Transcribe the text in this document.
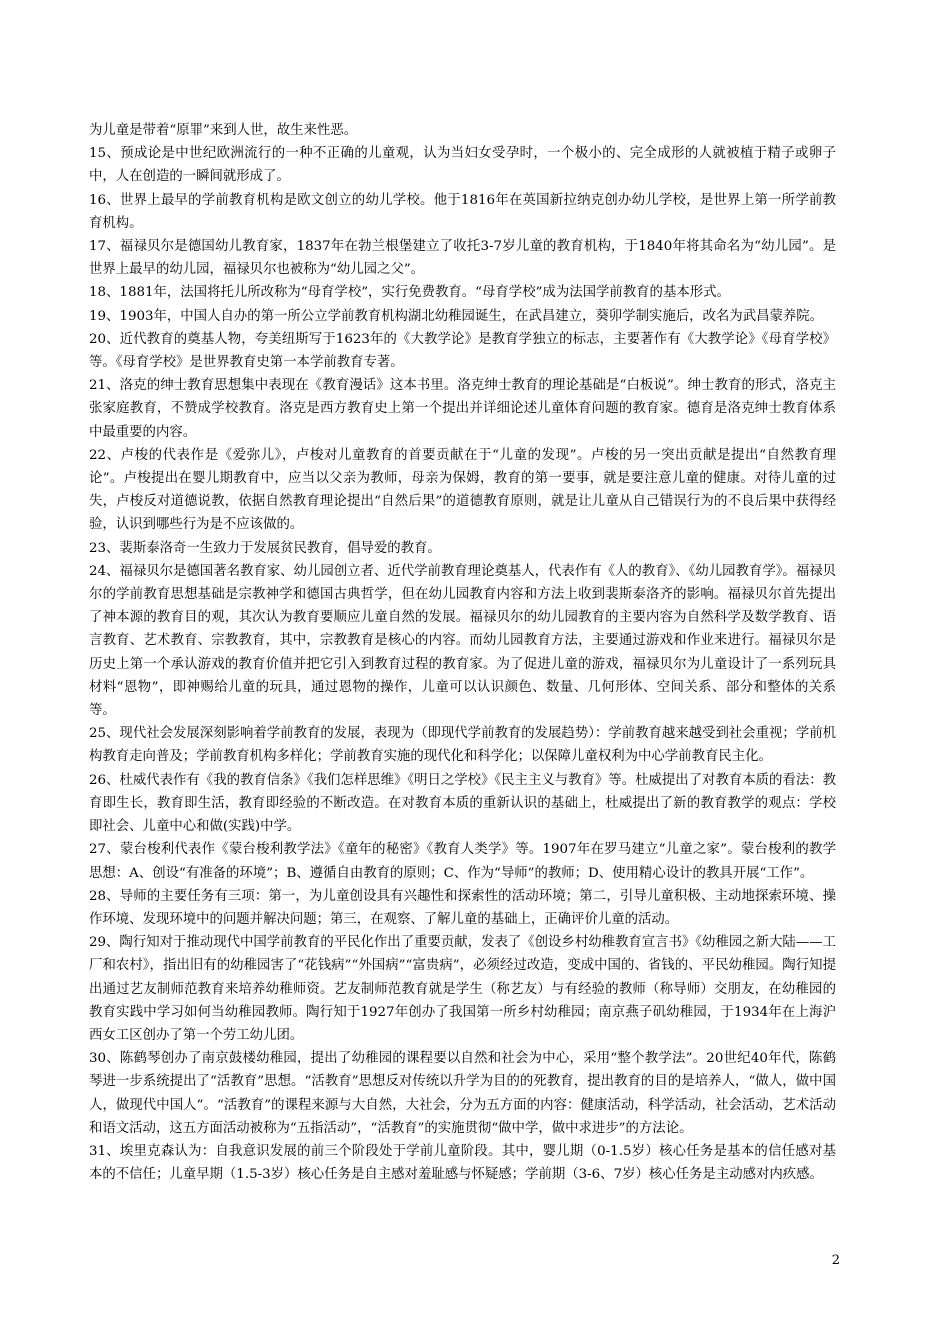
为儿童是带着“原罪”来到人世，故生来性恶。

15、预成论是中世纪欧洲流行的一种不正确的儿童观，认为当妇女受孕时，一个极小的、完全成形的人就被植于精子或卵子中，人在创造的一瞬间就形成了。

16、世界上最早的学前教育机构是欧文创立的幼儿学校。他于1816年在英国新拉纳克创办幼儿学校，是世界上第一所学前教育机构。

17、福禄贝尔是德国幼儿教育家，1837年在勃兰根堡建立了收托3-7岁儿童的教育机构，于1840年将其命名为“幼儿园”。是世界上最早的幼儿园，福禄贝尔也被称为“幼儿园之父”。

18、1881年，法国将托儿所改称为“母育学校”，实行免费教育。“母育学校”成为法国学前教育的基本形式。

19、1903年，中国人自办的第一所公立学前教育机构湖北幼稚园诞生，在武昌建立，葵卯学制实施后，改名为武昌蒙养院。

20、近代教育的奠基人物，夸美纽斯写于1623年的《大教学论》是教育学独立的标志，主要著作有《大教学论》《母育学校》等。《母育学校》是世界教育史第一本学前教育专著。

21、洛克的绅士教育思想集中表现在《教育漫话》这本书里。洛克绅士教育的理论基础是“白板说”。绅士教育的形式，洛克主张家庭教育，不赞成学校教育。洛克是西方教育史上第一个提出并详细论述儿童体育问题的教育家。德育是洛克绅士教育体系中最重要的内容。

22、卢梭的代表作是《爱弥儿》，卢梭对儿童教育的首要贡献在于“儿童的发现”。卢梭的另一突出贡献是提出“自然教育理论”。卢梭提出在婴儿期教育中，应当以父亲为教师，母亲为保姆，教育的第一要事，就是要注意儿童的健康。对待儿童的过失，卢梭反对道德说教，依据自然教育理论提出“自然后果”的道德教育原则，就是让儿童从自己错误行为的不良后果中获得经验，认识到哪些行为是不应该做的。

23、裴斯泰洛奇一生致力于发展贫民教育，倡导爱的教育。

24、福禄贝尔是德国著名教育家、幼儿园创立者、近代学前教育理论奠基人，代表作有《人的教育》、《幼儿园教育学》。福禄贝尔的学前教育思想基础是宗教神学和德国古典哲学，但在幼儿园教育内容和方法上收到裴斯泰洛齐的影响。福禄贝尔首先提出了神本源的教育目的观，其次认为教育要顺应儿童自然的发展。福禄贝尔的幼儿园教育的主要内容为自然科学及数学教育、语言教育、艺术教育、宗教教育，其中，宗教教育是核心的内容。而幼儿园教育方法，主要通过游戏和作业来进行。福禄贝尔是历史上第一个承认游戏的教育价值并把它引入到教育过程的教育家。为了促进儿童的游戏，福禄贝尔为儿童设计了一系列玩具材料“恩物”，即神赐给儿童的玩具，通过恩物的操作，儿童可以认识颜色、数量、几何形体、空间关系、部分和整体的关系等。

25、现代社会发展深刻影响着学前教育的发展，表现为（即现代学前教育的发展趋势）：学前教育越来越受到社会重视；学前机构教育走向普及；学前教育机构多样化；学前教育实施的现代化和科学化；以保障儿童权利为中心学前教育民主化。

26、杜威代表作有《我的教育信条》《我们怎样思维》《明日之学校》《民主主义与教育》等。杜威提出了对教育本质的看法：教育即生长，教育即生活，教育即经验的不断改造。在对教育本质的重新认识的基础上，杜威提出了新的教育教学的观点：学校即社会、儿童中心和做(实践)中学。

27、蒙台梭利代表作《蒙台梭利教学法》《童年的秘密》《教育人类学》等。1907年在罗马建立“儿童之家”。蒙台梭利的教学思想：A、创设“有准备的环境”；B、遵循自由教育的原则；C、作为“导师”的教师；D、使用精心设计的教具开展“工作”。

28、导师的主要任务有三项：第一，为儿童创设具有兴趣性和探索性的活动环境；第二，引导儿童积极、主动地探索环境、操作环境、发现环境中的问题并解决问题；第三，在观察、了解儿童的基础上，正确评价儿童的活动。

29、陶行知对于推动现代中国学前教育的平民化作出了重要贡献，发表了《创设乡村幼稚教育宣言书》《幼稚园之新大陆——工厂和农村》，指出旧有的幼稚园害了“花钱病”“外国病”“富贵病”，必须经过改造，变成中国的、省钱的、平民幼稚园。陶行知提出通过艺友制师范教育来培养幼稚师资。艺友制师范教育就是学生（称艺友）与有经验的教师（称导师）交朋友，在幼稚园的教育实践中学习如何当幼稚园教师。陶行知于1927年创办了我国第一所乡村幼稚园；南京燕子矶幼稚园，于1934年在上海沪西女工区创办了第一个劳工幼儿团。

30、陈鹤琴创办了南京鼓楼幼稚园，提出了幼稚园的课程要以自然和社会为中心，采用“整个教学法”。20世纪40年代，陈鹤琴进一步系统提出了“活教育”思想。“活教育”思想反对传统以升学为目的的死教育，提出教育的目的是培养人，“做人，做中国人，做现代中国人”。“活教育”的课程来源与大自然，大社会，分为五方面的内容：健康活动，科学活动，社会活动，艺术活动和语文活动，这五方面活动被称为“五指活动”，“活教育”的实施贯彻“做中学，做中求进步”的方法论。

31、埃里克森认为：自我意识发展的前三个阶段处于学前儿童阶段。其中，婴儿期（0-1.5岁）核心任务是基本的信任感对基本的不信任；儿童早期（1.5-3岁）核心任务是自主感对羞耻感与怀疑感；学前期（3-6、7岁）核心任务是主动感对内疚感。

2
